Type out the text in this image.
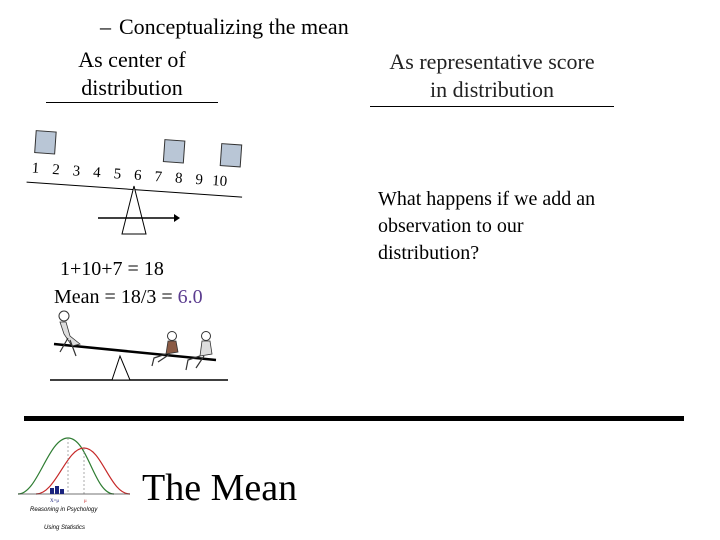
– Conceptualizing the mean
As center of
distribution
As representative score
in distribution
1 2 3 4 5 6 7 8 9 10
1+10+7 = 18
Mean = 18/3 = 6.0
What happens if we add an
observation to our
distribution?
X=μ	μ
Reasoning in Psychology
Using Statistics
The Mean
